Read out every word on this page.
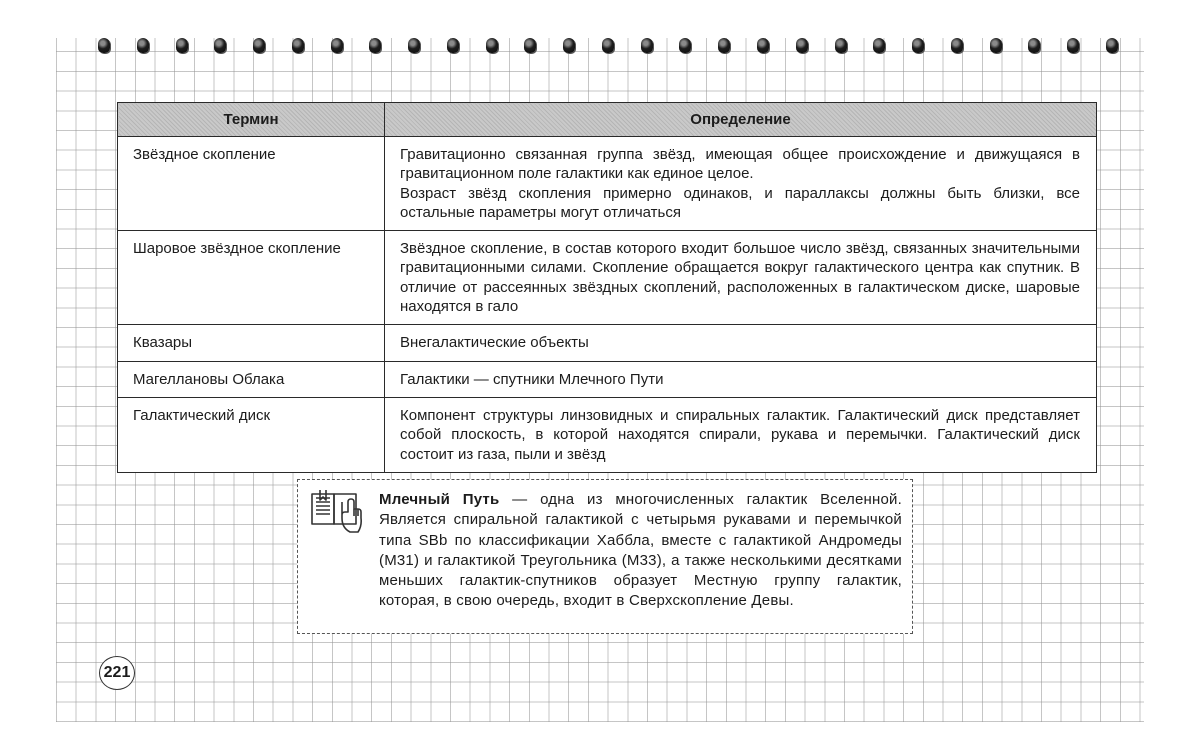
Термин	Определение
Звёздное скопление	Гравитационно связанная группа звёзд, имеющая общее происхождение и движущаяся в гравитационном поле галактики как единое целое.
Возраст звёзд скопления примерно одинаков, и параллаксы должны быть близки, все остальные параметры могут отличаться

Шаровое звёздное скопление	Звёздное скопление, в состав которого входит большое число звёзд, связанных значительными гравитационными силами. Скопление обращается вокруг галактического центра как спутник. В отличие от рассеянных звёздных скоплений, расположенных в галактическом диске, шаровые находятся в гало

Квазары	Внегалактические объекты

Магеллановы Облака	Галактики — спутники Млечного Пути

Галактический диск	Компонент структуры линзовидных и спиральных галактик. Галактический диск представляет собой плоскость, в которой находятся спирали, рукава и перемычки. Галактический диск состоит из газа, пыли и звёзд
Млечный Путь — одна из многочисленных галактик Вселенной. Является спиральной галактикой с четырьмя рукавами и перемычкой типа SBb по классификации Хаббла, вместе с галактикой Андромеды (М31) и галактикой Треугольника (М33), а также несколькими десятками меньших галактик-спутников образует Местную группу галактик, которая, в свою очередь, входит в Сверхскопление Девы.
221
